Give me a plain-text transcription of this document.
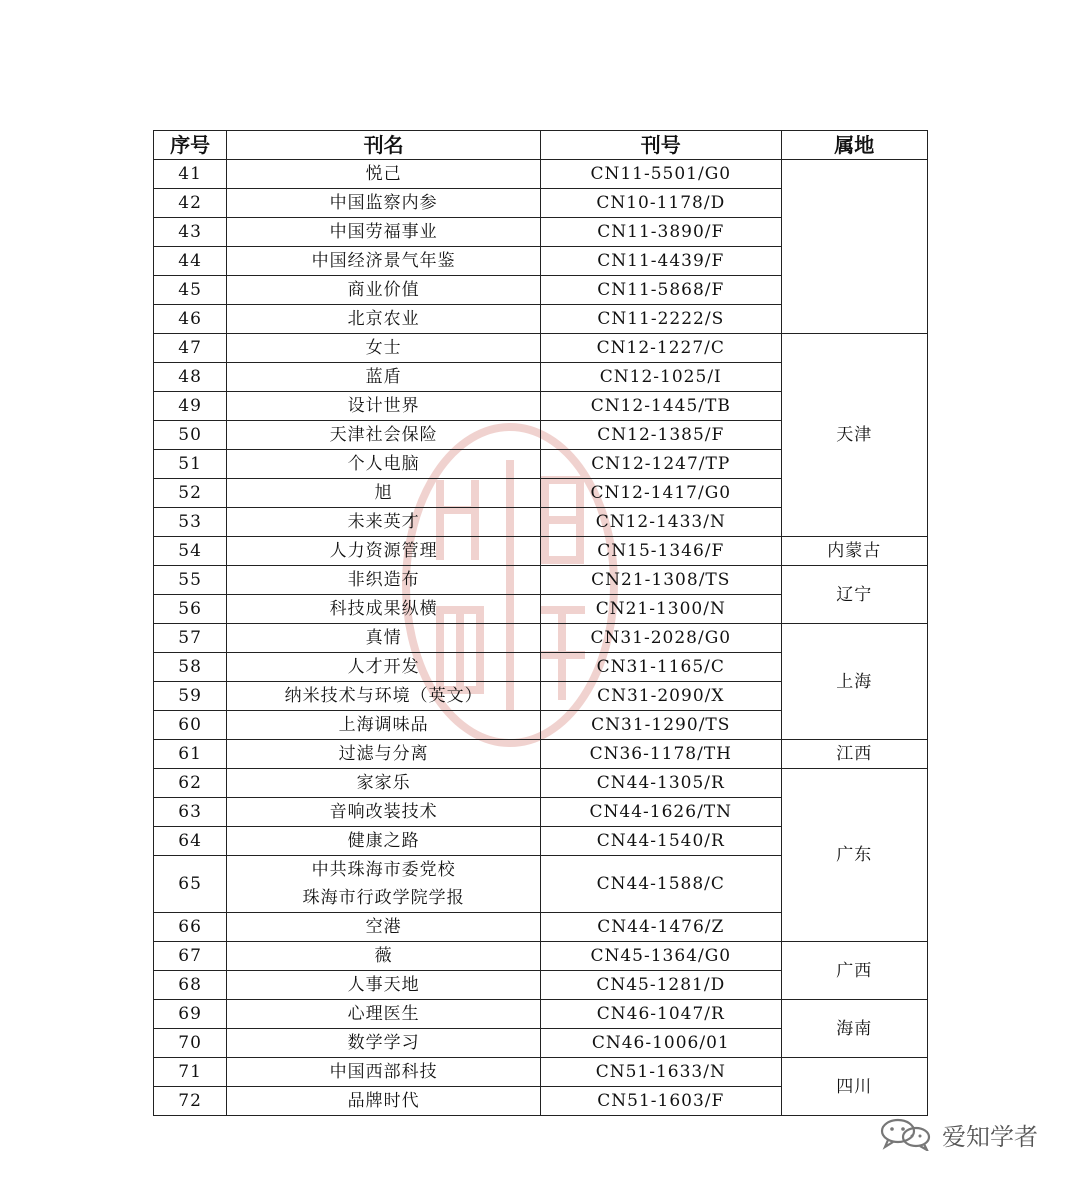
序号	刊名	刊号	属地
41	悦己	CN11-5501/G0	
42	中国监察内参	CN10-1178/D	
43	中国劳福事业	CN11-3890/F	
44	中国经济景气年鉴	CN11-4439/F	
45	商业价值	CN11-5868/F	
46	北京农业	CN11-2222/S	
47	女士	CN12-1227/C	天津
48	蓝盾	CN12-1025/I	
49	设计世界	CN12-1445/TB	
50	天津社会保险	CN12-1385/F	
51	个人电脑	CN12-1247/TP	
52	旭	CN12-1417/G0	
53	未来英才	CN12-1433/N	
54	人力资源管理	CN15-1346/F	内蒙古
55	非织造布	CN21-1308/TS	辽宁
56	科技成果纵横	CN21-1300/N	
57	真情	CN31-2028/G0	上海
58	人才开发	CN31-1165/C	
59	纳米技术与环境（英文）	CN31-2090/X	
60	上海调味品	CN31-1290/TS	
61	过滤与分离	CN36-1178/TH	江西
62	家家乐	CN44-1305/R	广东
63	音响改装技术	CN44-1626/TN	
64	健康之路	CN44-1540/R	
65	中共珠海市委党校
珠海市行政学院学报	CN44-1588/C	
66	空港	CN44-1476/Z	
67	薇	CN45-1364/G0	广西
68	人事天地	CN45-1281/D	
69	心理医生	CN46-1047/R	海南
70	数学学习	CN46-1006/01	
71	中国西部科技	CN51-1633/N	四川
72	品牌时代	CN51-1603/F	
爱知学者
